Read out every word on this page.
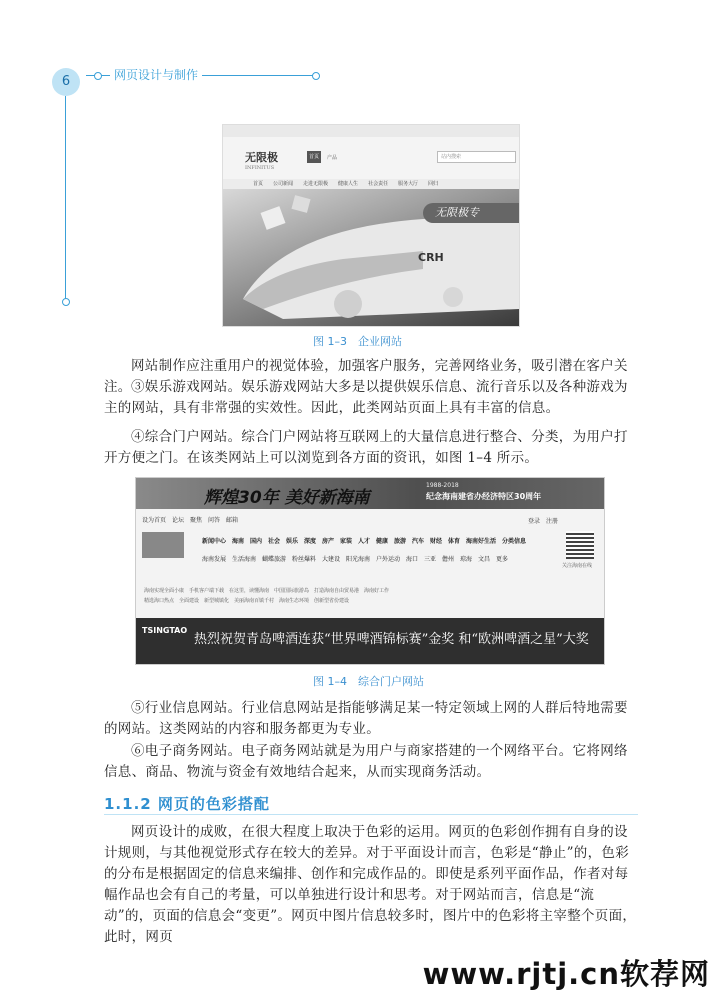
6	网页设计与制作
无限极
INFINITUS
首页	产品	站内搜索
首页 公司新闻 走进无限极 健康人生 社会责任 服务大厅 回归
CRH
无限极专
图 1–3　企业网站

网站制作应注重用户的视觉体验，加强客户服务，完善网络业务，吸引潜在客户关注。 ③娱乐游戏网站。娱乐游戏网站大多是以提供娱乐信息、流行音乐以及各种游戏为主的网站，具有非常强的实效性。因此，此类网站页面上具有丰富的信息。

④综合门户网站。综合门户网站将互联网上的大量信息进行整合、分类，为用户打开方便之门。在该类网站上可以浏览到各方面的资讯，如图 1–4 所示。

辉煌30年 美好新海南
1988-2018
纪念海南建省办经济特区30周年
设为首页　论坛　聚焦　问答　邮箱	登录　注册
新闻中心　海南　国内　社会　娱乐　深度　房产　家装　人才　健康　旅游　汽车　财经　体育　海南好生活　分类信息
海南发展　生活海南　蝴蝶旅游　粉丝爆料　大建设　阳光海南　户外运动　海口　三亚　儋州　琼海　文昌　更多
关注海南在线
海南实现全面小康　手机客户端下载　在这里，读懂海南　中国国际旅游岛　打造海南自由贸易港　海南好工作
精选海口热点　全面建设　新型城镇化　美丽海南百镇千村　海南生态环境　创新型省份建设
TSINGTAO
热烈祝贺青岛啤酒连获“世界啤酒锦标赛”金奖 和“欧洲啤酒之星”大奖
图 1–4　综合门户网站

⑤行业信息网站。行业信息网站是指能够满足某一特定领域上网的人群后特地需要的网站。这类网站的内容和服务都更为专业。

⑥电子商务网站。电子商务网站就是为用户与商家搭建的一个网络平台。它将网络信息、商品、物流与资金有效地结合起来，从而实现商务活动。

1.1.2 网页的色彩搭配

网页设计的成败，在很大程度上取决于色彩的运用。网页的色彩创作拥有自身的设计规则，与其他视觉形式存在较大的差异。对于平面设计而言，色彩是“静止”的，色彩的分布是根据固定的信息来编排、创作和完成作品的。即使是系列平面作品，作者对每幅作品也会有自己的考量，可以单独进行设计和思考。对于网站而言，信息是“流动”的，页面的信息会“变更”。网页中图片信息较多时，图片中的色彩将主宰整个页面，此时，网页

www.rjtj.cn软荐网
